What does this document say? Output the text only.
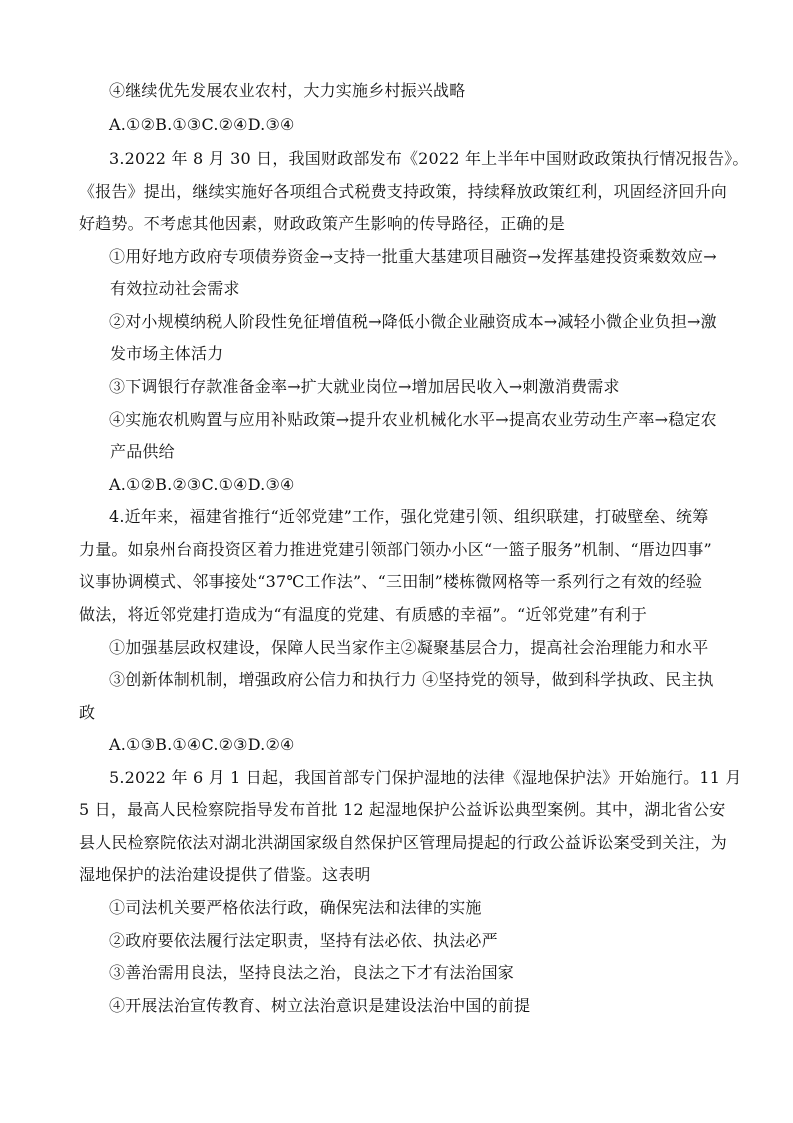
④继续优先发展农业农村，大力实施乡村振兴战略
A.①②B.①③C.②④D.③④
3.2022 年 8 月 30 日，我国财政部发布《2022 年上半年中国财政政策执行情况报告》。
《报告》提出，继续实施好各项组合式税费支持政策，持续释放政策红利，巩固经济回升向
好趋势。不考虑其他因素，财政政策产生影响的传导路径，正确的是
①用好地方政府专项债券资金→支持一批重大基建项目融资→发挥基建投资乘数效应→
有效拉动社会需求
②对小规模纳税人阶段性免征增值税→降低小微企业融资成本→减轻小微企业负担→激
发市场主体活力
③下调银行存款准备金率→扩大就业岗位→增加居民收入→刺激消费需求
④实施农机购置与应用补贴政策→提升农业机械化水平→提高农业劳动生产率→稳定农
产品供给
A.①②B.②③C.①④D.③④
4.近年来，福建省推行“近邻党建”工作，强化党建引领、组织联建，打破壁垒、统筹
力量。如泉州台商投资区着力推进党建引领部门领办小区“一篮子服务”机制、“厝边四事”
议事协调模式、邻事接处“37℃工作法”、“三田制”楼栋微网格等一系列行之有效的经验
做法，将近邻党建打造成为“有温度的党建、有质感的幸福”。“近邻党建”有利于
①加强基层政权建设，保障人民当家作主②凝聚基层合力，提高社会治理能力和水平
③创新体制机制，增强政府公信力和执行力 ④坚持党的领导，做到科学执政、民主执
政
A.①③B.①④C.②③D.②④
5.2022 年 6 月 1 日起，我国首部专门保护湿地的法律《湿地保护法》开始施行。11 月
5 日，最高人民检察院指导发布首批 12 起湿地保护公益诉讼典型案例。其中，湖北省公安
县人民检察院依法对湖北洪湖国家级自然保护区管理局提起的行政公益诉讼案受到关注，为
湿地保护的法治建设提供了借鉴。这表明
①司法机关要严格依法行政，确保宪法和法律的实施
②政府要依法履行法定职责，坚持有法必依、执法必严
③善治需用良法，坚持良法之治，良法之下才有法治国家
④开展法治宣传教育、树立法治意识是建设法治中国的前提
